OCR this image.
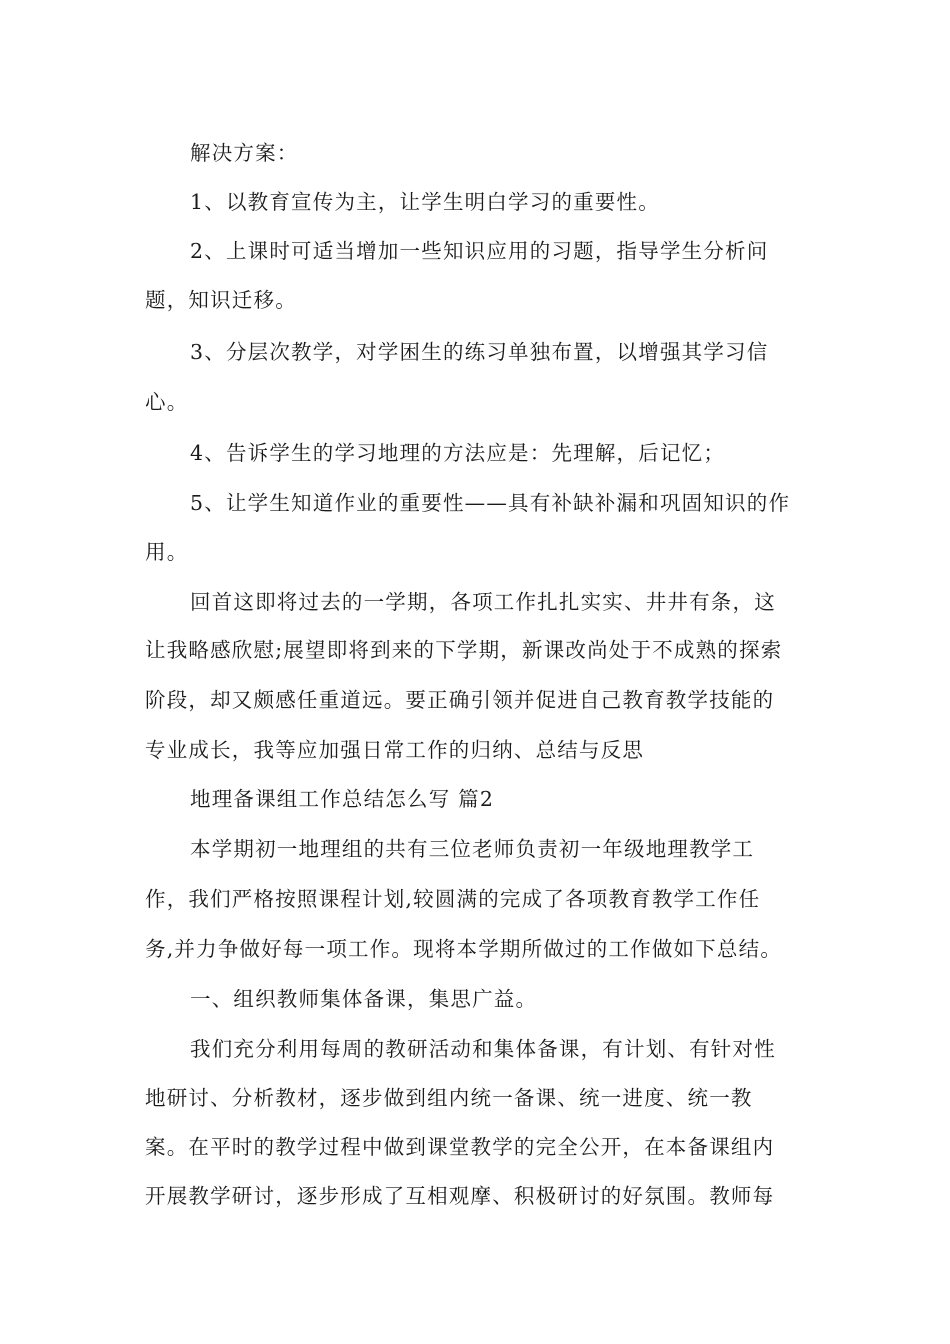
解决方案：
1、以教育宣传为主，让学生明白学习的重要性。
2、上课时可适当增加一些知识应用的习题，指导学生分析问
题，知识迁移。
3、分层次教学，对学困生的练习单独布置，以增强其学习信
心。
4、告诉学生的学习地理的方法应是：先理解，后记忆；
5、让学生知道作业的重要性——具有补缺补漏和巩固知识的作
用。
回首这即将过去的一学期，各项工作扎扎实实、井井有条，这
让我略感欣慰;展望即将到来的下学期，新课改尚处于不成熟的探索
阶段，却又颇感任重道远。要正确引领并促进自己教育教学技能的
专业成长，我等应加强日常工作的归纳、总结与反思
地理备课组工作总结怎么写 篇2
本学期初一地理组的共有三位老师负责初一年级地理教学工
作，我们严格按照课程计划,较圆满的完成了各项教育教学工作任
务,并力争做好每一项工作。现将本学期所做过的工作做如下总结。
一、组织教师集体备课，集思广益。
我们充分利用每周的教研活动和集体备课，有计划、有针对性
地研讨、分析教材，逐步做到组内统一备课、统一进度、统一教
案。在平时的教学过程中做到课堂教学的完全公开，在本备课组内
开展教学研讨，逐步形成了互相观摩、积极研讨的好氛围。教师每
